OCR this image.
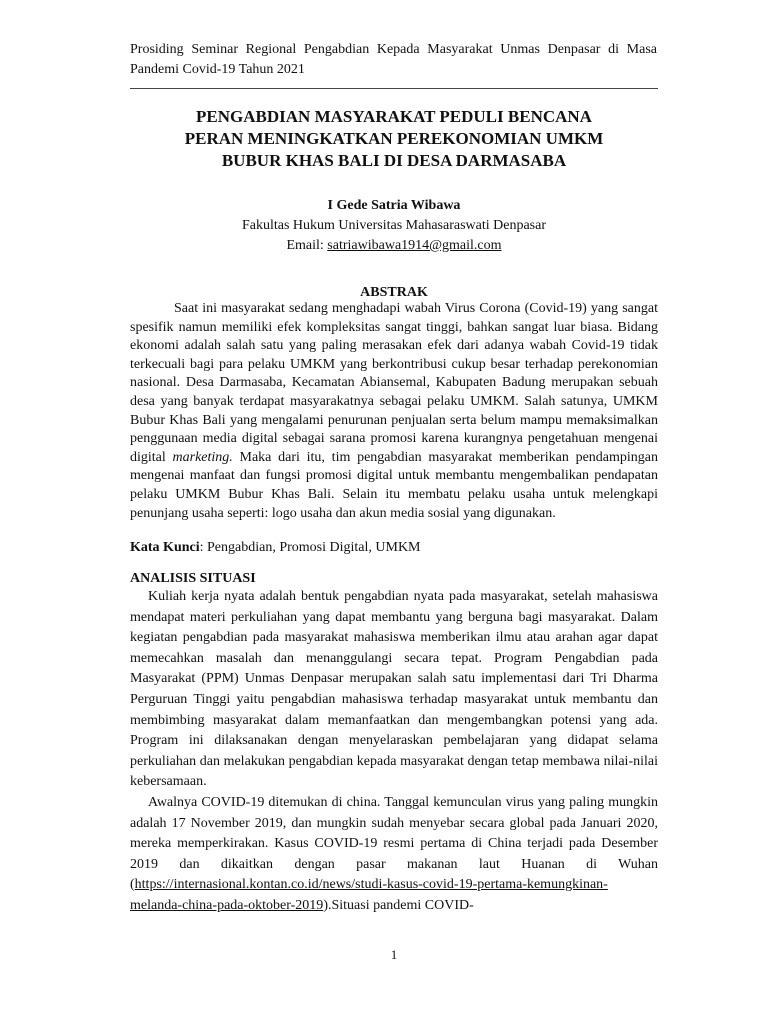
Prosiding Seminar Regional Pengabdian Kepada Masyarakat Unmas Denpasar di Masa Pandemi Covid-19 Tahun 2021
PENGABDIAN MASYARAKAT PEDULI BENCANA
PERAN MENINGKATKAN PEREKONOMIAN UMKM
BUBUR KHAS BALI DI DESA DARMASABA
I Gede Satria Wibawa
Fakultas Hukum Universitas Mahasaraswati Denpasar
Email: satriawibawa1914@gmail.com
ABSTRAK
Saat ini masyarakat sedang menghadapi wabah Virus Corona (Covid-19) yang sangat spesifik namun memiliki efek kompleksitas sangat tinggi, bahkan sangat luar biasa. Bidang ekonomi adalah salah satu yang paling merasakan efek dari adanya wabah Covid-19 tidak terkecuali bagi para pelaku UMKM yang berkontribusi cukup besar terhadap perekonomian nasional. Desa Darmasaba, Kecamatan Abiansemal, Kabupaten Badung merupakan sebuah desa yang banyak terdapat masyarakatnya sebagai pelaku UMKM. Salah satunya, UMKM Bubur Khas Bali yang mengalami penurunan penjualan serta belum mampu memaksimalkan penggunaan media digital sebagai sarana promosi karena kurangnya pengetahuan mengenai digital marketing. Maka dari itu, tim pengabdian masyarakat memberikan pendampingan mengenai manfaat dan fungsi promosi digital untuk membantu mengembalikan pendapatan pelaku UMKM Bubur Khas Bali. Selain itu membatu pelaku usaha untuk melengkapi penunjang usaha seperti: logo usaha dan akun media sosial yang digunakan.
Kata Kunci: Pengabdian, Promosi Digital, UMKM
ANALISIS SITUASI

Kuliah kerja nyata adalah bentuk pengabdian nyata pada masyarakat, setelah mahasiswa mendapat materi perkuliahan yang dapat membantu yang berguna bagi masyarakat. Dalam kegiatan pengabdian pada masyarakat mahasiswa memberikan ilmu atau arahan agar dapat memecahkan masalah dan menanggulangi secara tepat. Program Pengabdian pada Masyarakat (PPM) Unmas Denpasar merupakan salah satu implementasi dari Tri Dharma Perguruan Tinggi yaitu pengabdian mahasiswa terhadap masyarakat untuk membantu dan membimbing masyarakat dalam memanfaatkan dan mengembangkan potensi yang ada. Program ini dilaksanakan dengan menyelaraskan pembelajaran yang didapat selama perkuliahan dan melakukan pengabdian kepada masyarakat dengan tetap membawa nilai-nilai kebersamaan.

Awalnya COVID-19 ditemukan di china. Tanggal kemunculan virus yang paling mungkin adalah 17 November 2019, dan mungkin sudah menyebar secara global pada Januari 2020, mereka memperkirakan. Kasus COVID-19 resmi pertama di China terjadi pada Desember 2019 dan dikaitkan dengan pasar makanan laut Huanan di Wuhan (https://internasional.kontan.co.id/news/studi-kasus-covid-19-pertama-kemungkinan-melanda-china-pada-oktober-2019).Situasi pandemi COVID-

1
